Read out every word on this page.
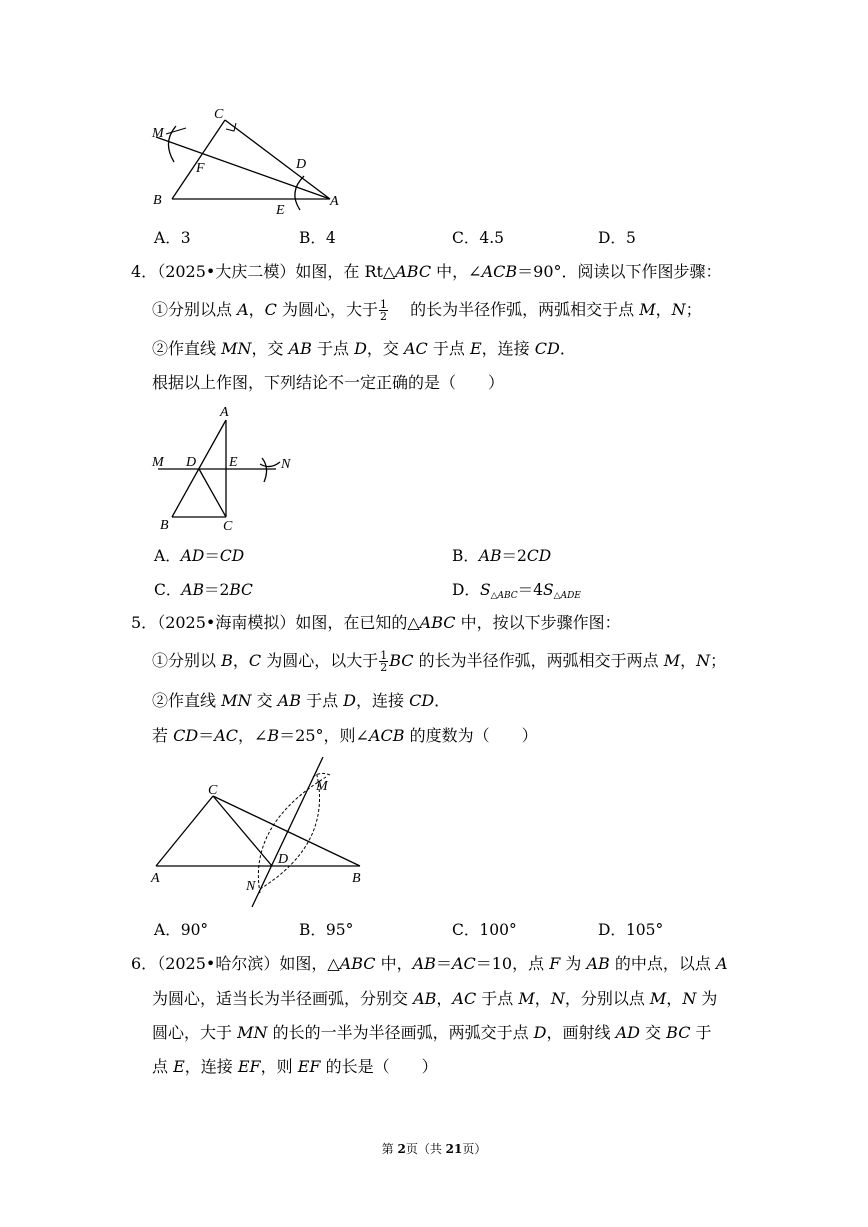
C
M
F	D
B
E
A
A．3	B．4	C．4.5	D．5
4．（2025•大庆二模）如图，在 Rt△ABC 中，∠ACB＝90°．阅读以下作图步骤：
①分别以点 A，C 为圆心，大于 $\frac{1}{2}$
　 的长为半径作弧，两弧相交于点 M，N；
②作直线 MN，交 AB 于点 D，交 AC 于点 E，连接 CD．
根据以上作图，下列结论不一定正确的是（　　）
A
M D E	N
B	C
A．AD＝CD	B．AB＝2CD
C．AB＝2BC	D．$S_{\triangle ABC}=4S_{\triangle ADE}$
5．（2025•海南模拟）如图，在已知的△ABC 中，按以下步骤作图：
①分别以 B，C 为圆心，以大于 $\frac{1}{2}$ BC 的长为半径作弧，两弧相交于两点 M，N；
②作直线 MN 交 AB 于点 D，连接 CD．
若 CD＝AC，∠B＝25°，则∠ACB 的度数为（　　）
C	M
D
A
N
B
A．90°	B．95°	C．100°	D．105°
6．（2025•哈尔滨）如图，△ABC 中，AB＝AC＝10，点 F 为 AB 的中点，以点 A
为圆心，适当长为半径画弧，分别交 AB，AC 于点 M，N，分别以点 M，N 为
圆心，大于 MN 的长的一半为半径画弧，两弧交于点 D，画射线 AD 交 BC 于
点 E，连接 EF，则 EF 的长是（　　）
第 2页（共 21页）
